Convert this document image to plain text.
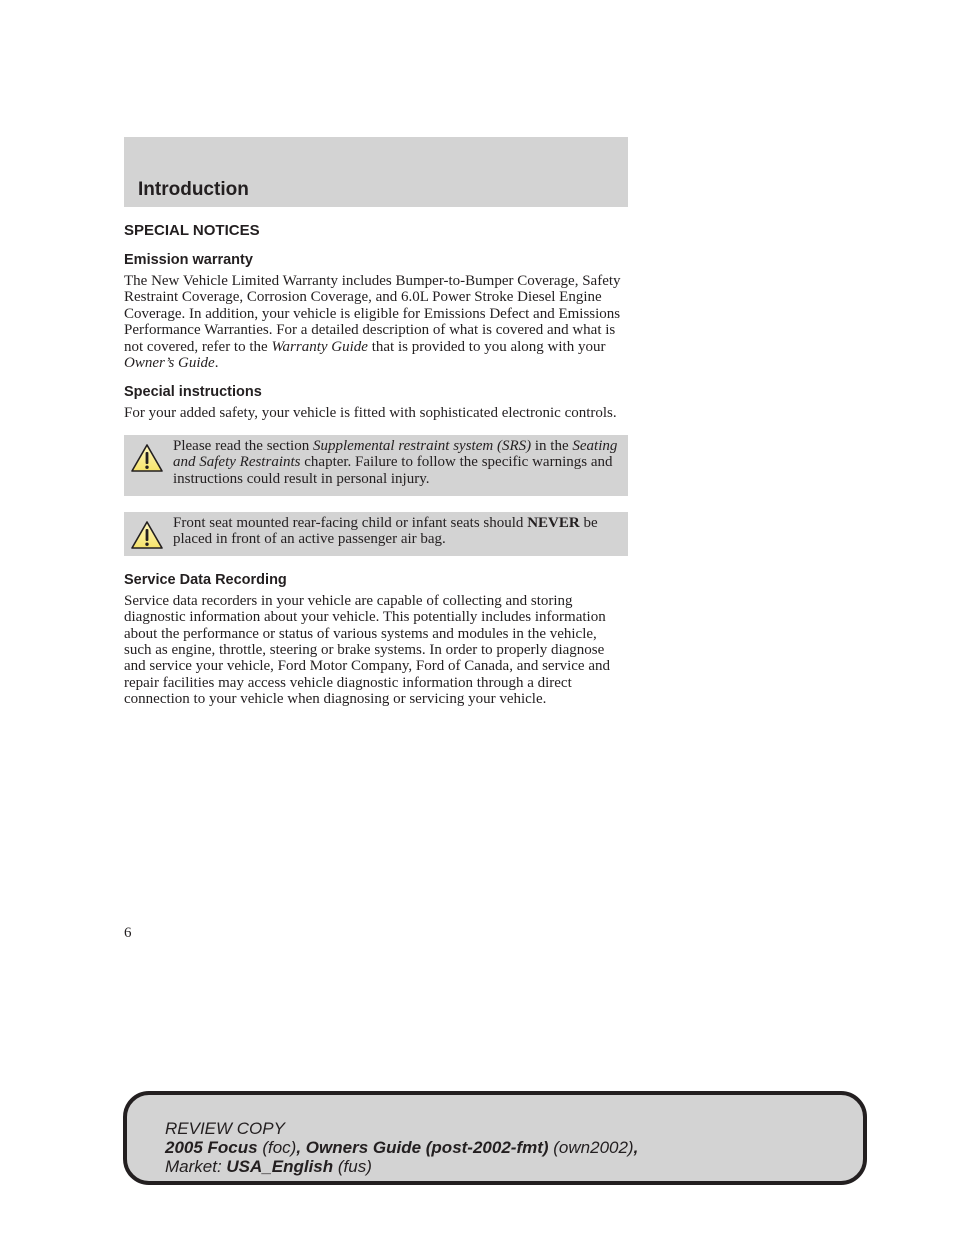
Introduction
SPECIAL NOTICES
Emission warranty

The New Vehicle Limited Warranty includes Bumper-to-Bumper Coverage, Safety Restraint Coverage, Corrosion Coverage, and 6.0L Power Stroke Diesel Engine Coverage. In addition, your vehicle is eligible for Emissions Defect and Emissions Performance Warranties. For a detailed description of what is covered and what is not covered, refer to the Warranty Guide that is provided to you along with your Owner’s Guide.

Special instructions

For your added safety, your vehicle is fitted with sophisticated electronic controls.

Please read the section Supplemental restraint system (SRS) in the Seating and Safety Restraints chapter. Failure to follow the specific warnings and instructions could result in personal injury.
Front seat mounted rear-facing child or infant seats should NEVER be placed in front of an active passenger air bag.
Service Data Recording

Service data recorders in your vehicle are capable of collecting and storing diagnostic information about your vehicle. This potentially includes information about the performance or status of various systems and modules in the vehicle, such as engine, throttle, steering or brake systems. In order to properly diagnose and service your vehicle, Ford Motor Company, Ford of Canada, and service and repair facilities may access vehicle diagnostic information through a direct connection to your vehicle when diagnosing or servicing your vehicle.

6
REVIEW COPY
2005 Focus (foc), Owners Guide (post-2002-fmt) (own2002),
Market: USA_English (fus)
